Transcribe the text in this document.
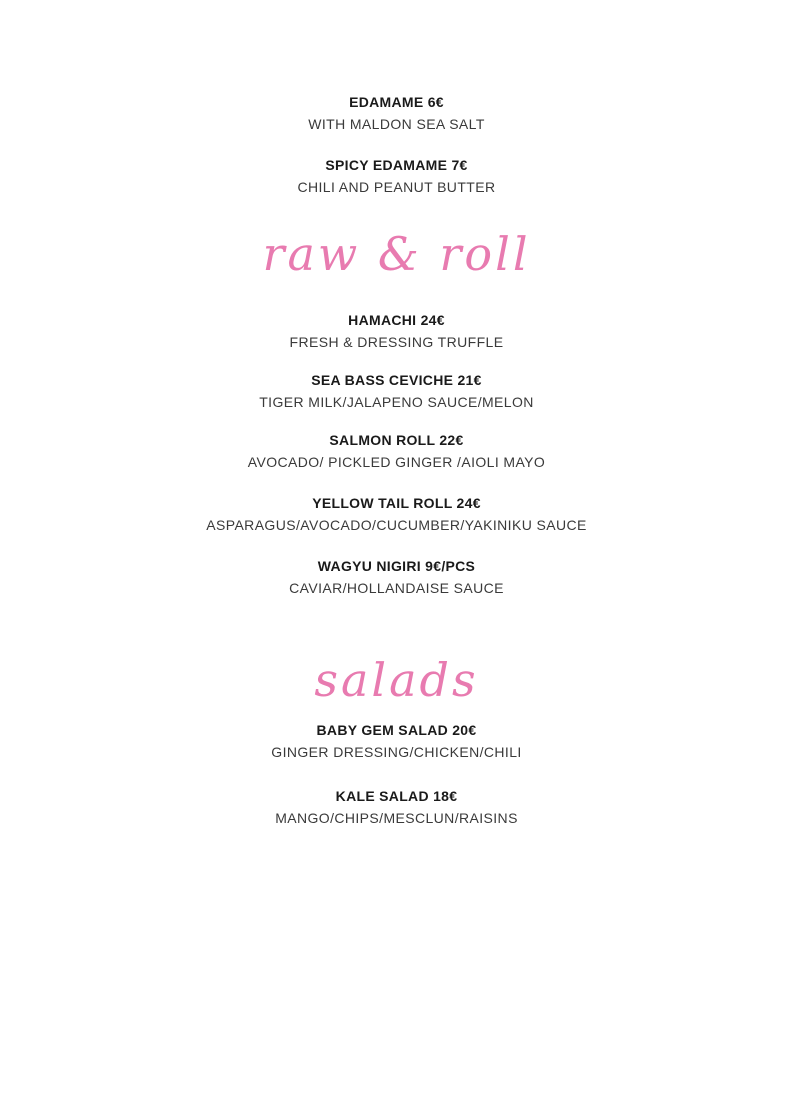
EDAMAME 6€
WITH MALDON SEA SALT
SPICY EDAMAME 7€
CHILI AND PEANUT BUTTER
raw & roll
HAMACHI 24€
FRESH & DRESSING TRUFFLE
SEA BASS CEVICHE 21€
TIGER MILK/JALAPENO SAUCE/MELON
SALMON ROLL 22€
AVOCADO/ PICKLED GINGER /AIOLI MAYO
YELLOW TAIL ROLL 24€
ASPARAGUS/AVOCADO/CUCUMBER/YAKINIKU SAUCE
WAGYU NIGIRI 9€/PCS
CAVIAR/HOLLANDAISE SAUCE
salads
BABY GEM SALAD 20€
GINGER DRESSING/CHICKEN/CHILI
KALE SALAD 18€
MANGO/CHIPS/MESCLUN/RAISINS
